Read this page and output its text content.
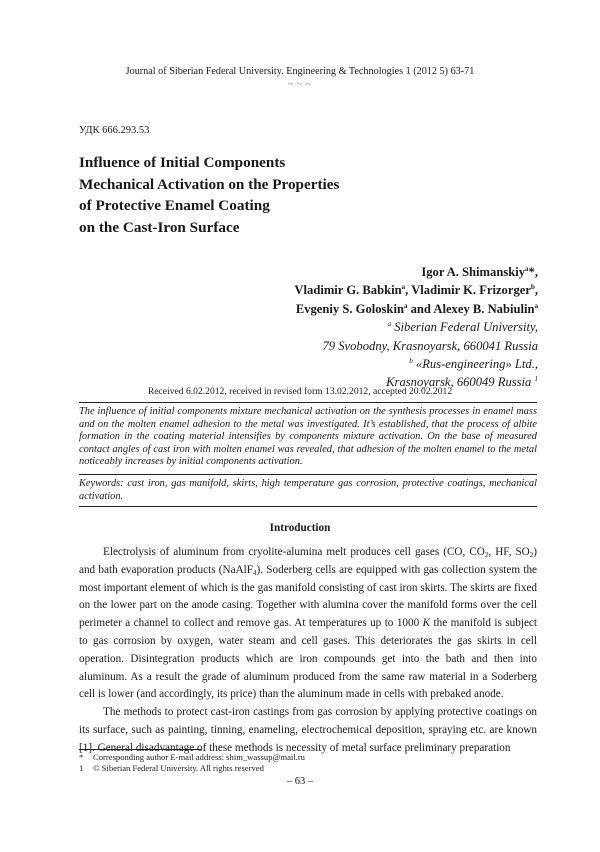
Journal of Siberian Federal University. Engineering & Technologies 1 (2012 5) 63-71
~ ~ ~
УДК 666.293.53
Influence of Initial Components
Mechanical Activation on the Properties
of Protective Enamel Coating
on the Cast-Iron Surface
Igor A. Shimanskiy$^a$*,
Vladimir G. Babkin$^a$, Vladimir K. Frizorger$^b$,
Evgeniy S. Goloskin$^a$ and Alexey B. Nabiulin$^a$
$^a$ Siberian Federal University,
79 Svobodny, Krasnoyarsk, 660041 Russia
$^b$ «Rus-engineering» Ltd.,
Krasnoyarsk, 660049 Russia $^1$
Received 6.02.2012, received in revised form 13.02.2012, accepted 20.02.2012
The influence of initial components mixture mechanical activation on the synthesis processes in enamel mass and on the molten enamel adhesion to the metal was investigated. It’s established, that the process of albite formation in the coating material intensifies by components mixture activation. On the base of measured contact angles of cast iron with molten enamel was revealed, that adhesion of the molten enamel to the metal noticeably increases by initial components activation.
Keywords: cast iron, gas manifold, skirts, high temperature gas corrosion, protective coatings, mechanical activation.
Introduction

Electrolysis of aluminum from cryolite-alumina melt produces cell gases (CO, $CO_2$, HF, $SO_2$) and bath evaporation products (NaAlF$_4$). Soderberg cells are equipped with gas collection system the most important element of which is the gas manifold consisting of cast iron skirts. The skirts are fixed on the lower part on the anode casing. Together with alumina cover the manifold forms over the cell perimeter a channel to collect and remove gas. At temperatures up to 1000 K the manifold is subject to gas corrosion by oxygen, water steam and cell gases. This deteriorates the gas skirts in cell operation. Disintegration products which are iron compounds get into the bath and then into aluminum. As a result the grade of aluminum produced from the same raw material in a Soderberg cell is lower (and accordingly, its price) than the aluminum made in cells with prebaked anode.

The methods to protect cast-iron castings from gas corrosion by applying protective coatings on its surface, such as painting, tinning, enameling, electrochemical deposition, spraying etc. are known [1]. General disadvantage of these methods is necessity of metal surface preliminary preparation

* Corresponding author E-mail address: shim_wassup@mail.ru
1 © Siberian Federal University. All rights reserved
– 63 –
